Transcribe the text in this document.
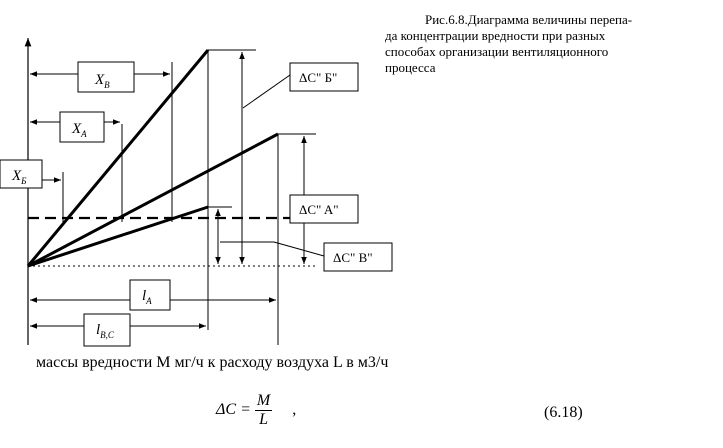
$X_B$
$X_A$
$X_Б$
$l_A$
$l_{B,C}$
ΔC" Б"
ΔC" A"
ΔC" B"
Рис.6.8.Диаграмма величины перепа-
да концентрации вредности при разных
способах организации вентиляционного
процесса
массы вредности М мг/ч к расходу воздуха L в м3/ч
$\Delta C = \frac{M}{L}$ ,	(6.18)
